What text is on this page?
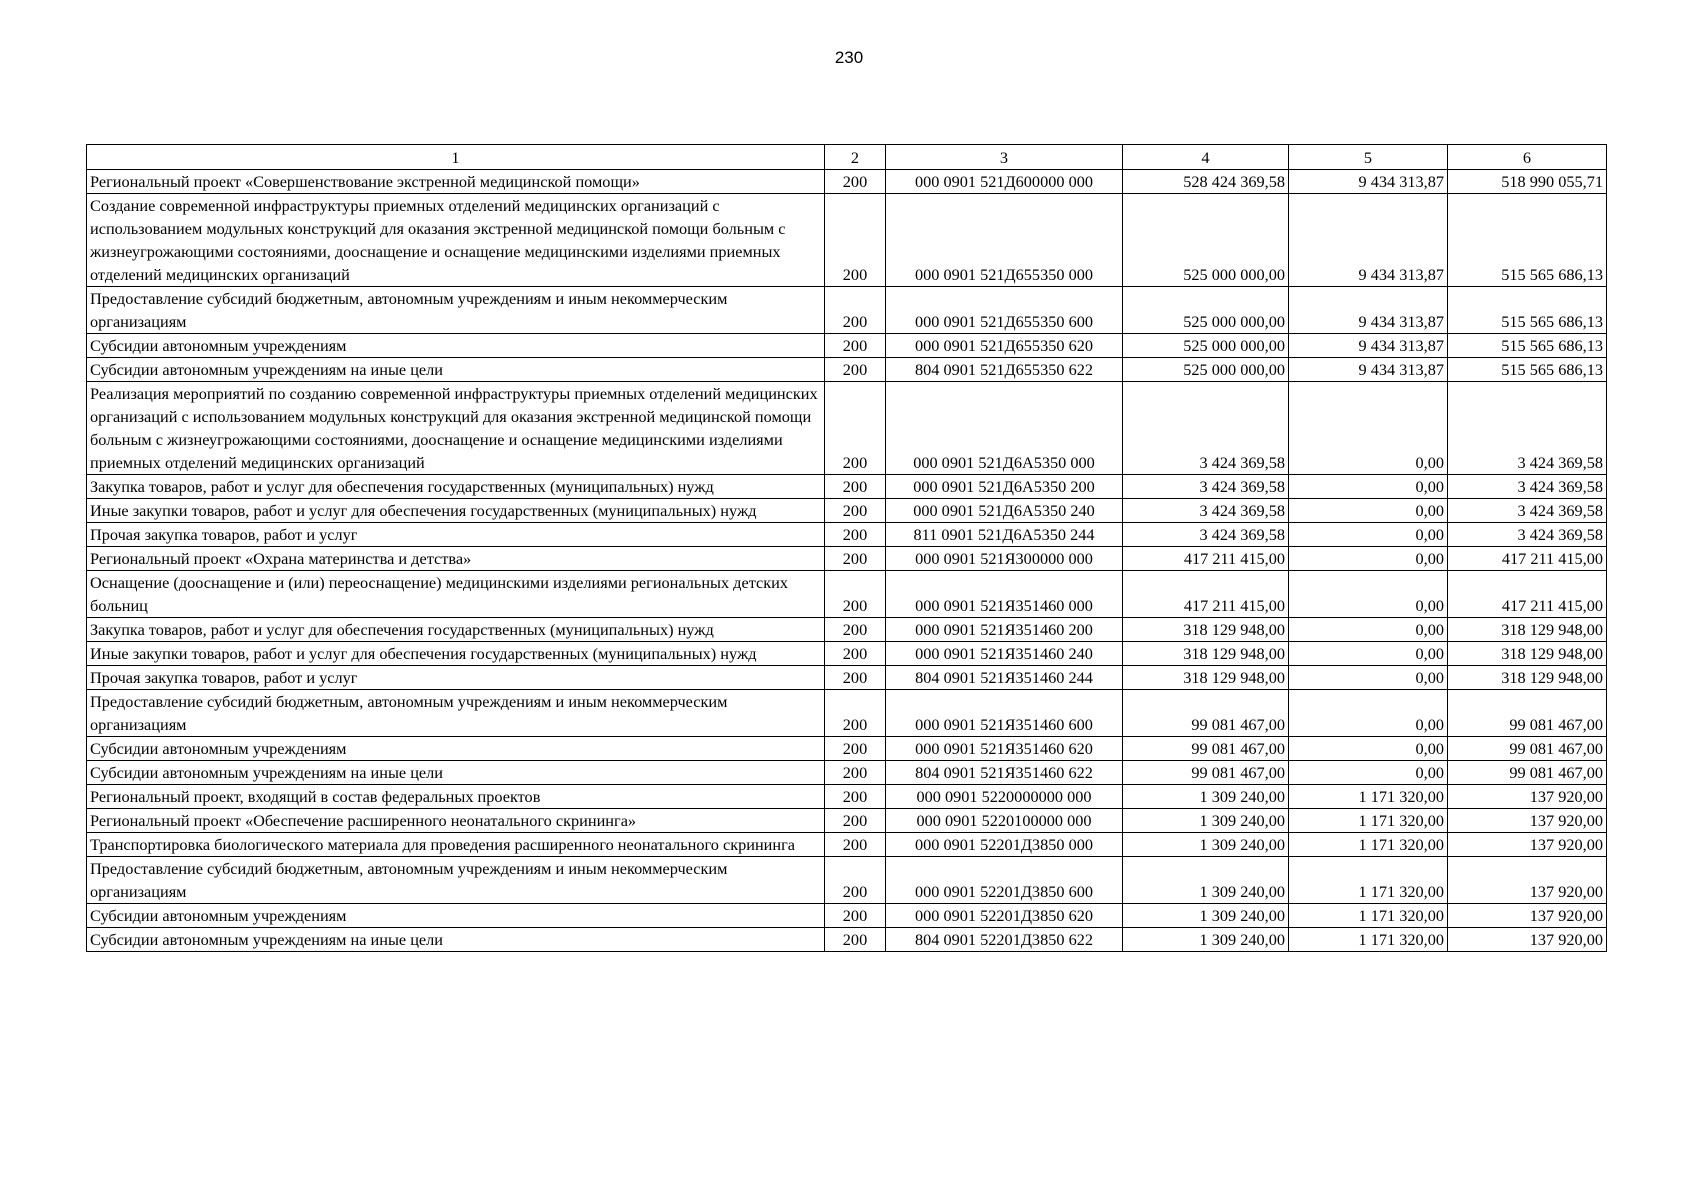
230
1	2	3	4	5	6
Региональный проект «Совершенствование экстренной медицинской помощи»	200	000 0901 521Д600000 000	528 424 369,58	9 434 313,87	518 990 055,71
Создание современной инфраструктуры приемных отделений медицинских организаций с использованием модульных конструкций для оказания экстренной медицинской помощи больным с жизнеугрожающими состояниями, дооснащение и оснащение медицинскими изделиями приемных отделений медицинских организаций	200	000 0901 521Д655350 000	525 000 000,00	9 434 313,87	515 565 686,13
Предоставление субсидий бюджетным, автономным учреждениям и иным некоммерческим организациям	200	000 0901 521Д655350 600	525 000 000,00	9 434 313,87	515 565 686,13
Субсидии автономным учреждениям	200	000 0901 521Д655350 620	525 000 000,00	9 434 313,87	515 565 686,13
Субсидии автономным учреждениям на иные цели	200	804 0901 521Д655350 622	525 000 000,00	9 434 313,87	515 565 686,13
Реализация мероприятий по созданию современной инфраструктуры приемных отделений медицинских организаций с использованием модульных конструкций для оказания экстренной медицинской помощи больным с жизнеугрожающими состояниями, дооснащение и оснащение медицинскими изделиями приемных отделений медицинских организаций	200	000 0901 521Д6А5350 000	3 424 369,58	0,00	3 424 369,58
Закупка товаров, работ и услуг для обеспечения государственных (муниципальных) нужд	200	000 0901 521Д6А5350 200	3 424 369,58	0,00	3 424 369,58
Иные закупки товаров, работ и услуг для обеспечения государственных (муниципальных) нужд	200	000 0901 521Д6А5350 240	3 424 369,58	0,00	3 424 369,58
Прочая закупка товаров, работ и услуг	200	811 0901 521Д6А5350 244	3 424 369,58	0,00	3 424 369,58
Региональный проект «Охрана материнства и детства»	200	000 0901 521Я300000 000	417 211 415,00	0,00	417 211 415,00
Оснащение (дооснащение и (или) переоснащение) медицинскими изделиями региональных детских больниц	200	000 0901 521Я351460 000	417 211 415,00	0,00	417 211 415,00
Закупка товаров, работ и услуг для обеспечения государственных (муниципальных) нужд	200	000 0901 521Я351460 200	318 129 948,00	0,00	318 129 948,00
Иные закупки товаров, работ и услуг для обеспечения государственных (муниципальных) нужд	200	000 0901 521Я351460 240	318 129 948,00	0,00	318 129 948,00
Прочая закупка товаров, работ и услуг	200	804 0901 521Я351460 244	318 129 948,00	0,00	318 129 948,00
Предоставление субсидий бюджетным, автономным учреждениям и иным некоммерческим организациям	200	000 0901 521Я351460 600	99 081 467,00	0,00	99 081 467,00
Субсидии автономным учреждениям	200	000 0901 521Я351460 620	99 081 467,00	0,00	99 081 467,00
Субсидии автономным учреждениям на иные цели	200	804 0901 521Я351460 622	99 081 467,00	0,00	99 081 467,00
Региональный проект, входящий в состав федеральных проектов	200	000 0901 5220000000 000	1 309 240,00	1 171 320,00	137 920,00
Региональный проект «Обеспечение расширенного неонатального скрининга»	200	000 0901 5220100000 000	1 309 240,00	1 171 320,00	137 920,00
Транспортировка биологического материала для проведения расширенного неонатального скрининга	200	000 0901 52201Д3850 000	1 309 240,00	1 171 320,00	137 920,00
Предоставление субсидий бюджетным, автономным учреждениям и иным некоммерческим организациям	200	000 0901 52201Д3850 600	1 309 240,00	1 171 320,00	137 920,00
Субсидии автономным учреждениям	200	000 0901 52201Д3850 620	1 309 240,00	1 171 320,00	137 920,00
Субсидии автономным учреждениям на иные цели	200	804 0901 52201Д3850 622	1 309 240,00	1 171 320,00	137 920,00
